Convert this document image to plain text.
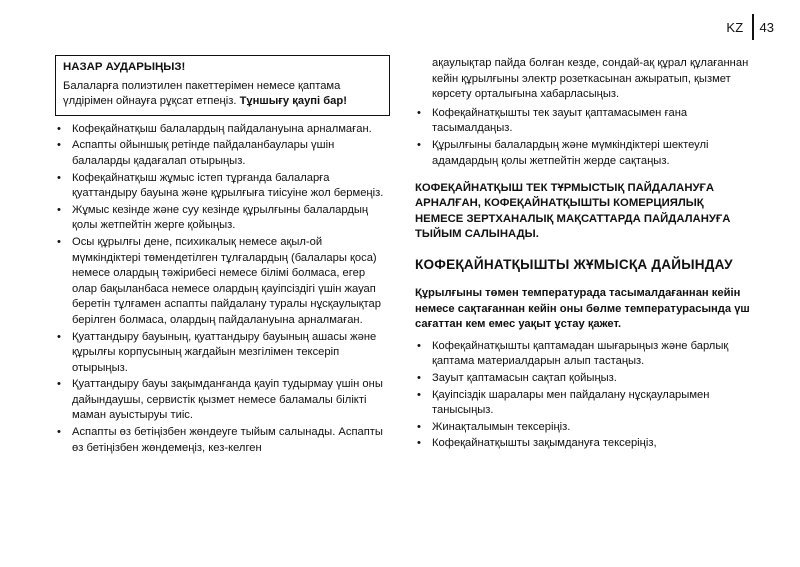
KZ 43
НАЗАР АУДАРЫҢЫЗ!
Балаларға полиэтилен пакеттерімен немесе қаптама үлдірімен ойнауға рұқсат етпеңіз. Тұншығу қаупі бар!
• Кофеқайнатқыш балалардың пайдалануына арналмаған.
• Аспапты ойыншық ретінде пайдаланбаулары үшін балаларды қадағалап отырыңыз.
• Кофеқайнатқыш жұмыс істеп тұрғанда балаларға қуаттандыру бауына және құрылғыға тиісуіне жол бермеңіз.
• Жұмыс кезінде және суу кезінде құрылғыны балалардың қолы жетпейтін жерге қойыңыз.
• Осы құрылғы дене, психикалық немесе ақыл-ой мүмкіндіктері төмендетілген тұлғалардың (балалары қоса) немесе олардың тәжірибесі немесе білімі болмаса, егер олар бақыланбаса немесе олардың қауіпсіздігі үшін жауап беретін тұлғамен аспапты пайдалану туралы нұсқаулықтар берілген болмаса, олардың пайдалануына арналмаған.
• Қуаттандыру бауының, қуаттандыру бауының ашасы және құрылғы корпусының жағдайын мезгілімен тексеріп отырыңыз.
• Қуаттандыру бауы зақымданғанда қауіп тудырмау үшін оны дайындаушы, сервистік қызмет немесе баламалы білікті маман ауыстыруы тиіс.
• Аспапты өз бетіңізбен жөндеуге тыйым салынады. Аспапты өз бетіңізбен жөндемеңіз, кез-келген
ақаулықтар пайда болған кезде, сондай-ақ құрал құлағаннан кейін құрылғыны электр розеткасынан ажыратып, қызмет көрсету орталығына хабарласыңыз.
• Кофеқайнатқышты тек зауыт қаптамасымен ғана тасымалдаңыз.
• Құрылғыны балалардың және мүмкіндіктері шектеулі адамдардың қолы жетпейтін жерде сақтаңыз.
КОФЕҚАЙНАТҚЫШ ТЕК ТҰРМЫСТЫҚ ПАЙДАЛАНУҒА АРНАЛҒАН, КОФЕҚАЙНАТҚЫШТЫ КОМЕРЦИЯЛЫҚ НЕМЕСЕ ЗЕРТХАНАЛЫҚ МАҚСАТТАРДА ПАЙДАЛАНУҒА ТЫЙЫМ САЛЫНАДЫ.
КОФЕҚАЙНАТҚЫШТЫ ЖҰМЫСҚА ДАЙЫНДАУ
Құрылғыны төмен температурада тасымалдағаннан кейін немесе сақтағаннан кейін оны бөлме температурасында үш сағаттан кем емес уақыт ұстау қажет.
• Кофеқайнатқышты қаптамадан шығарыңыз және барлық қаптама материалдарын алып тастаңыз.
• Зауыт қаптамасын сақтап қойыңыз.
• Қауіпсіздік шаралары мен пайдалану нұсқауларымен танысыңыз.
• Жинақталымын тексеріңіз.
• Кофеқайнатқышты зақымдануға тексеріңіз,
